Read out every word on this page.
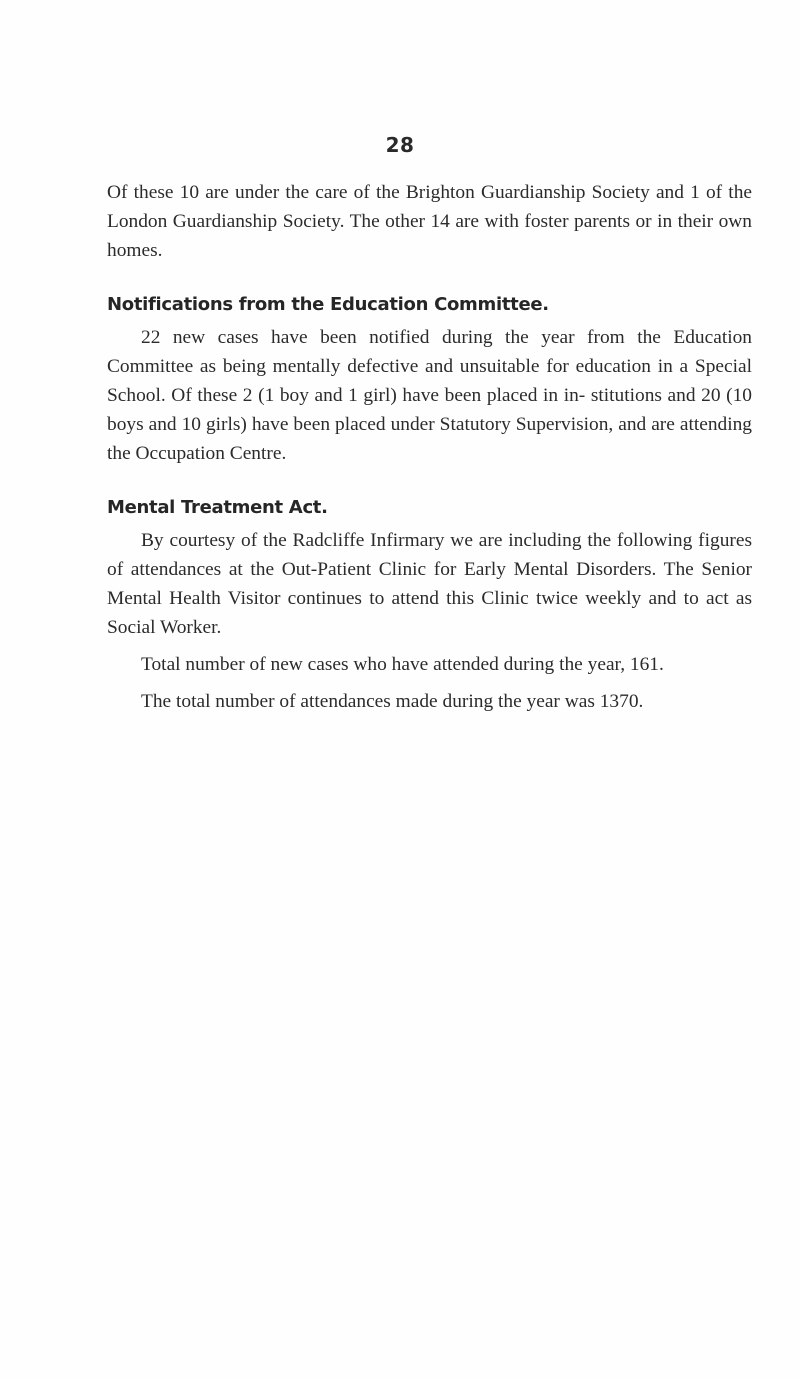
28

Of these 10 are under the care of the Brighton Guardianship Society and 1 of the London Guardianship Society. The other 14 are with foster parents or in their own homes.

Notifications from the Education Committee.

22 new cases have been notified during the year from the Education Committee as being mentally defective and unsuitable for education in a Special School. Of these 2 (1 boy and 1 girl) have been placed in in- stitutions and 20 (10 boys and 10 girls) have been placed under Statutory Supervision, and are attending the Occupation Centre.

Mental Treatment Act.

By courtesy of the Radcliffe Infirmary we are including the following figures of attendances at the Out-Patient Clinic for Early Mental Disorders. The Senior Mental Health Visitor continues to attend this Clinic twice weekly and to act as Social Worker.

Total number of new cases who have attended during the year, 161.

The total number of attendances made during the year was 1370.
